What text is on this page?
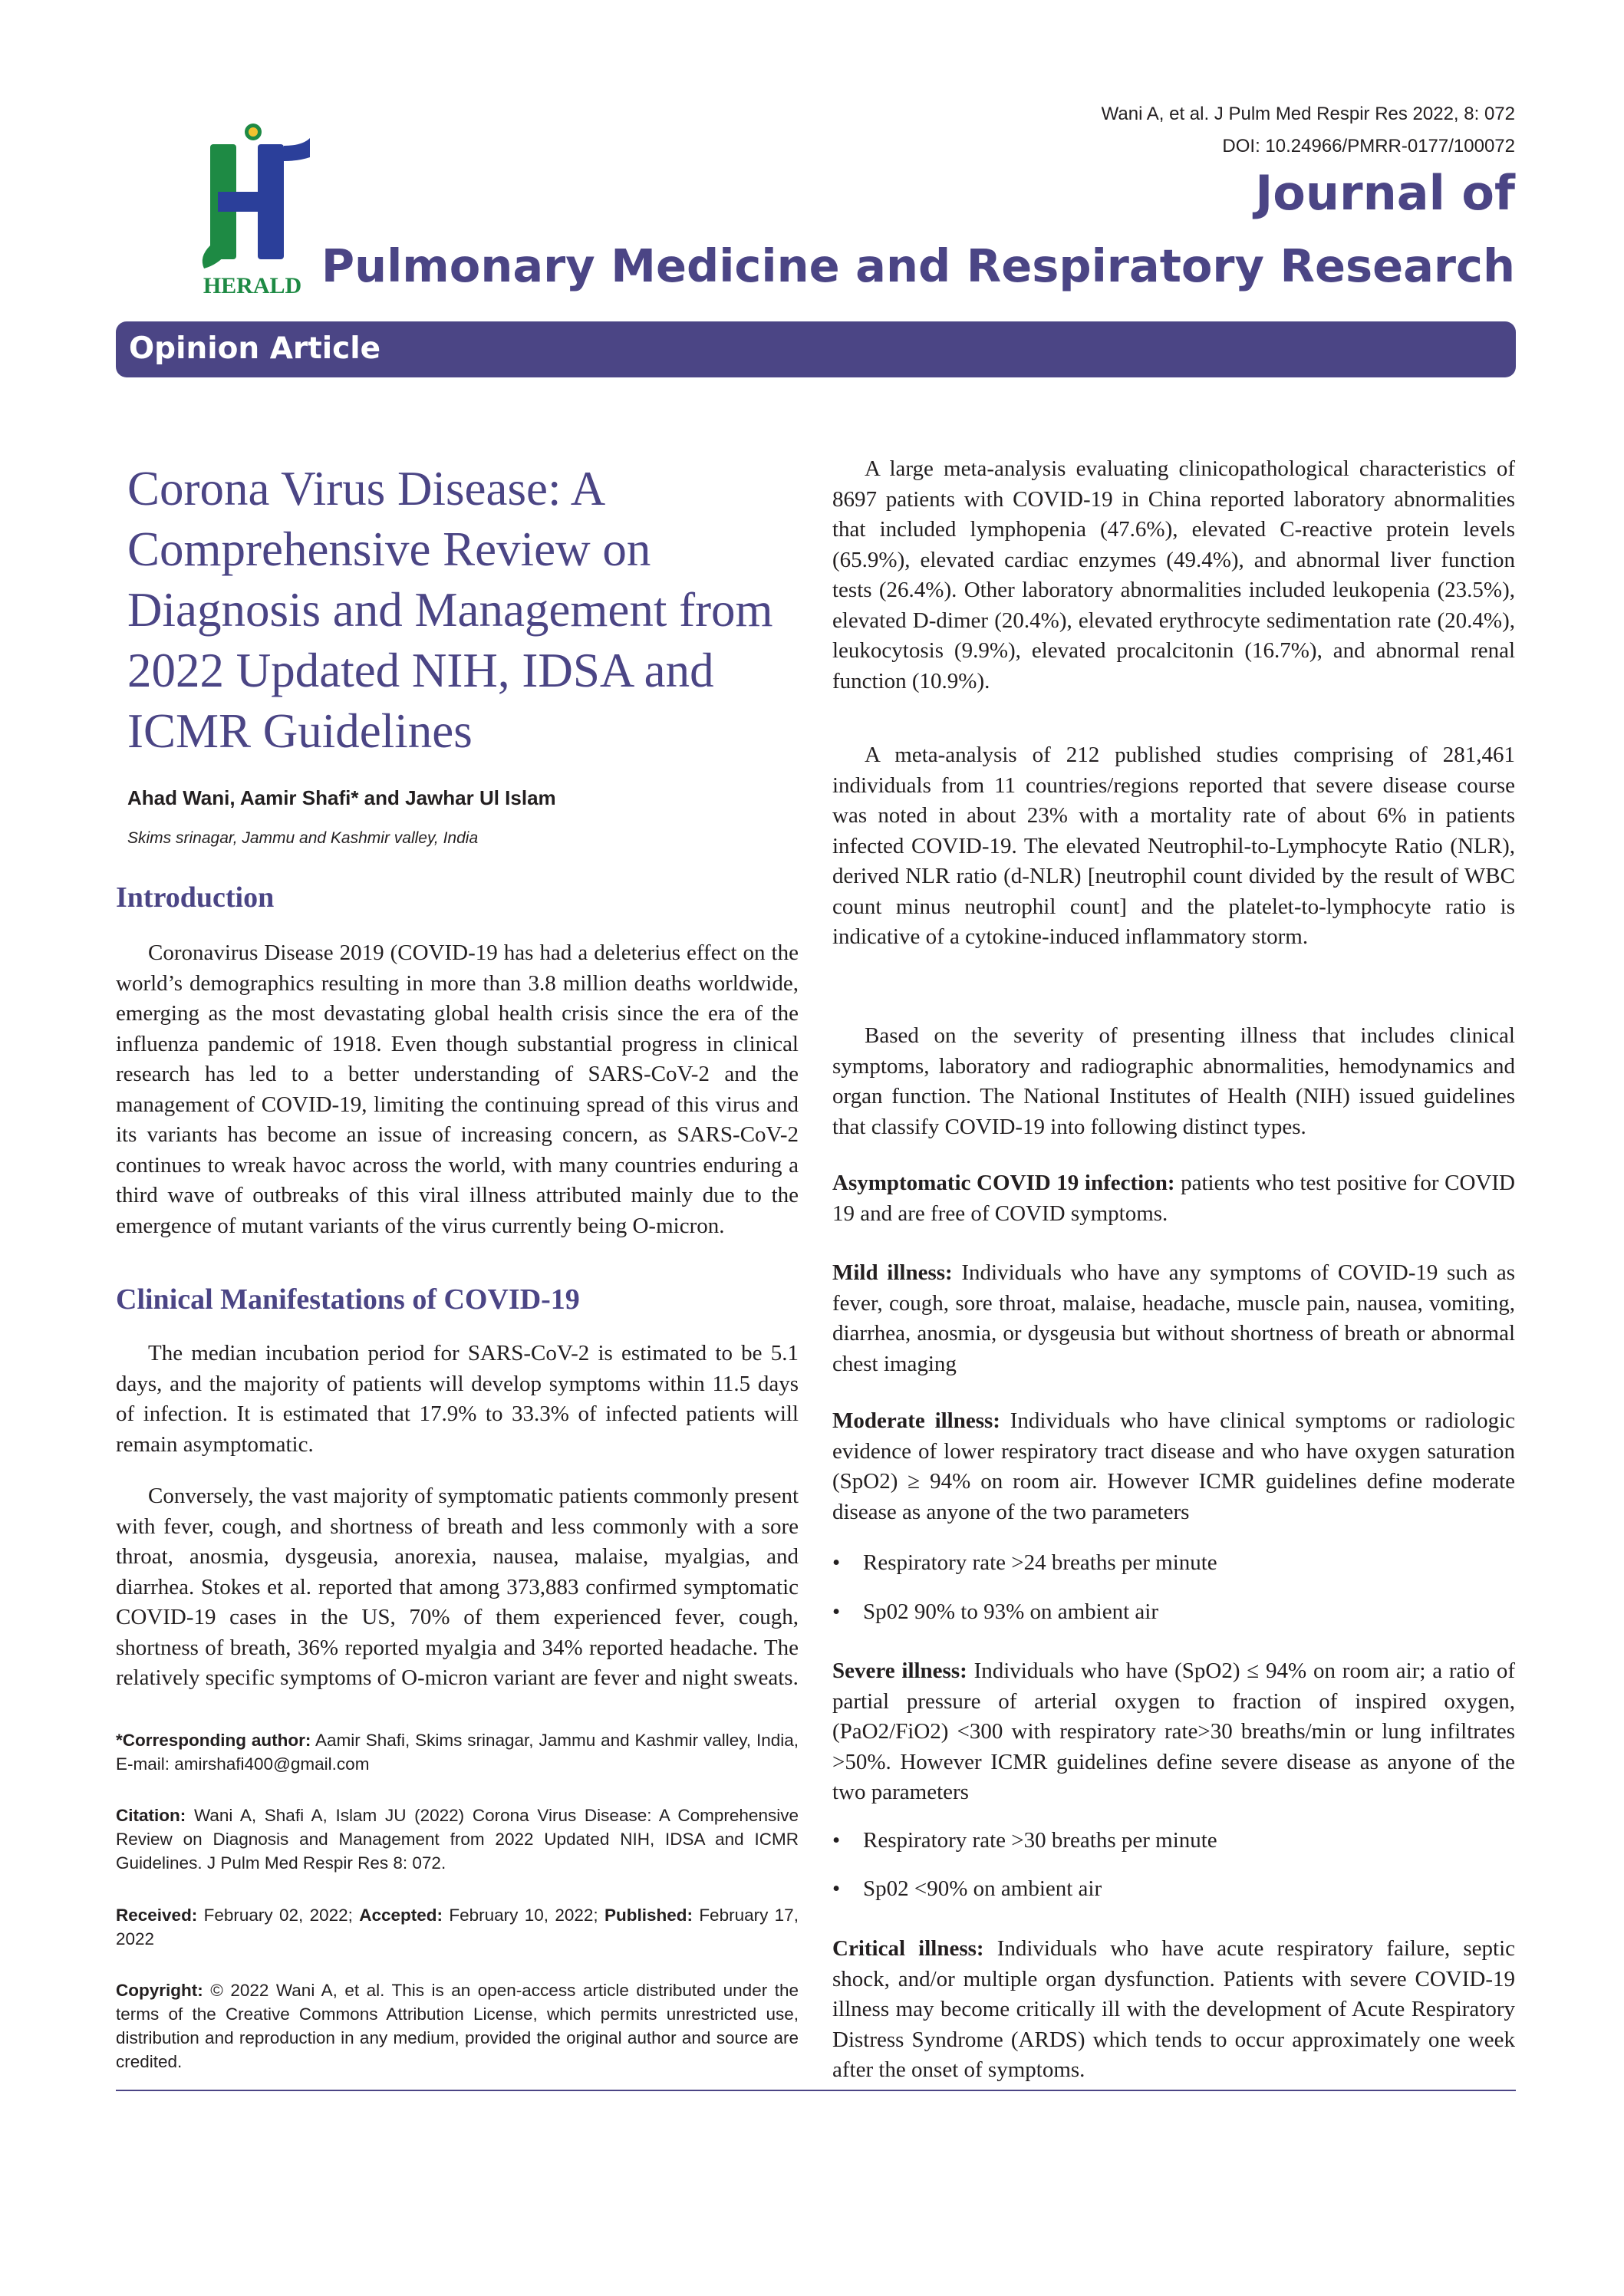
Wani A, et al. J Pulm Med Respir Res 2022, 8: 072
DOI: 10.24966/PMRR-0177/100072
Journal of
Pulmonary Medicine and Respiratory Research
HERALD
Opinion Article
Corona Virus Disease: A Comprehensive Review on Diagnosis and Management from 2022 Updated NIH, IDSA and ICMR Guidelines
Ahad Wani, Aamir Shafi* and Jawhar Ul Islam
Skims srinagar, Jammu and Kashmir valley, India
Introduction

Coronavirus Disease 2019 (COVID-19 has had a deleterius effect on the world’s demographics resulting in more than 3.8 million deaths worldwide, emerging as the most devastating global health crisis since the era of the influenza pandemic of 1918. Even though substantial progress in clinical research has led to a better understanding of SARS-CoV-2 and the management of COVID-19, limiting the continuing spread of this virus and its variants has become an issue of increasing concern, as SARS-CoV-2 continues to wreak havoc across the world, with many countries enduring a third wave of outbreaks of this viral illness attributed mainly due to the emergence of mutant variants of the virus currently being O-micron.

Clinical Manifestations of COVID-19

The median incubation period for SARS-CoV-2 is estimated to be 5.1 days, and the majority of patients will develop symptoms within 11.5 days of infection. It is estimated that 17.9% to 33.3% of infected patients will remain asymptomatic.

Conversely, the vast majority of symptomatic patients commonly present with fever, cough, and shortness of breath and less commonly with a sore throat, anosmia, dysgeusia, anorexia, nausea, malaise, myalgias, and diarrhea. Stokes et al. reported that among 373,883 confirmed symptomatic COVID-19 cases in the US, 70% of them experienced fever, cough, shortness of breath, 36% reported myalgia and 34% reported headache. The relatively specific symptoms of O-micron variant are fever and night sweats.

*Corresponding author: Aamir Shafi, Skims srinagar, Jammu and Kashmir valley, India, E-mail: amirshafi400@gmail.com

Citation: Wani A, Shafi A, Islam JU (2022) Corona Virus Disease: A Comprehensive Review on Diagnosis and Management from 2022 Updated NIH, IDSA and ICMR Guidelines. J Pulm Med Respir Res 8: 072.

Received: February 02, 2022; Accepted: February 10, 2022; Published: February 17, 2022

Copyright: © 2022 Wani A, et al. This is an open-access article distributed under the terms of the Creative Commons Attribution License, which permits unrestricted use, distribution and reproduction in any medium, provided the original author and source are credited.

A large meta-analysis evaluating clinicopathological characteristics of 8697 patients with COVID-19 in China reported laboratory abnormalities that included lymphopenia (47.6%), elevated C-reactive protein levels (65.9%), elevated cardiac enzymes (49.4%), and abnormal liver function tests (26.4%). Other laboratory abnormalities included leukopenia (23.5%), elevated D-dimer (20.4%), elevated erythrocyte sedimentation rate (20.4%), leukocytosis (9.9%), elevated procalcitonin (16.7%), and abnormal renal function (10.9%).

A meta-analysis of 212 published studies comprising of 281,461 individuals from 11 countries/regions reported that severe disease course was noted in about 23% with a mortality rate of about 6% in patients infected COVID-19. The elevated Neutrophil-to-Lymphocyte Ratio (NLR), derived NLR ratio (d-NLR) [neutrophil count divided by the result of WBC count minus neutrophil count] and the platelet-to-lymphocyte ratio is indicative of a cytokine-induced inflammatory storm.

Based on the severity of presenting illness that includes clinical symptoms, laboratory and radiographic abnormalities, hemodynamics and organ function. The National Institutes of Health (NIH) issued guidelines that classify COVID-19 into following distinct types.

Asymptomatic COVID 19 infection: patients who test positive for COVID 19 and are free of COVID symptoms.

Mild illness: Individuals who have any symptoms of COVID-19 such as fever, cough, sore throat, malaise, headache, muscle pain, nausea, vomiting, diarrhea, anosmia, or dysgeusia but without shortness of breath or abnormal chest imaging

Moderate illness: Individuals who have clinical symptoms or radiologic evidence of lower respiratory tract disease and who have oxygen saturation (SpO2) ≥ 94% on room air. However ICMR guidelines define moderate disease as anyone of the two parameters

• Respiratory rate >24 breaths per minute
• Sp02 90% to 93% on ambient air

Severe illness: Individuals who have (SpO2) ≤ 94% on room air; a ratio of partial pressure of arterial oxygen to fraction of inspired oxygen, (PaO2/FiO2) <300 with respiratory rate>30 breaths/min or lung infiltrates >50%. However ICMR guidelines define severe disease as anyone of the two parameters

• Respiratory rate >30 breaths per minute
• Sp02 <90% on ambient air

Critical illness: Individuals who have acute respiratory failure, septic shock, and/or multiple organ dysfunction. Patients with severe COVID-19 illness may become critically ill with the development of Acute Respiratory Distress Syndrome (ARDS) which tends to occur approximately one week after the onset of symptoms.
